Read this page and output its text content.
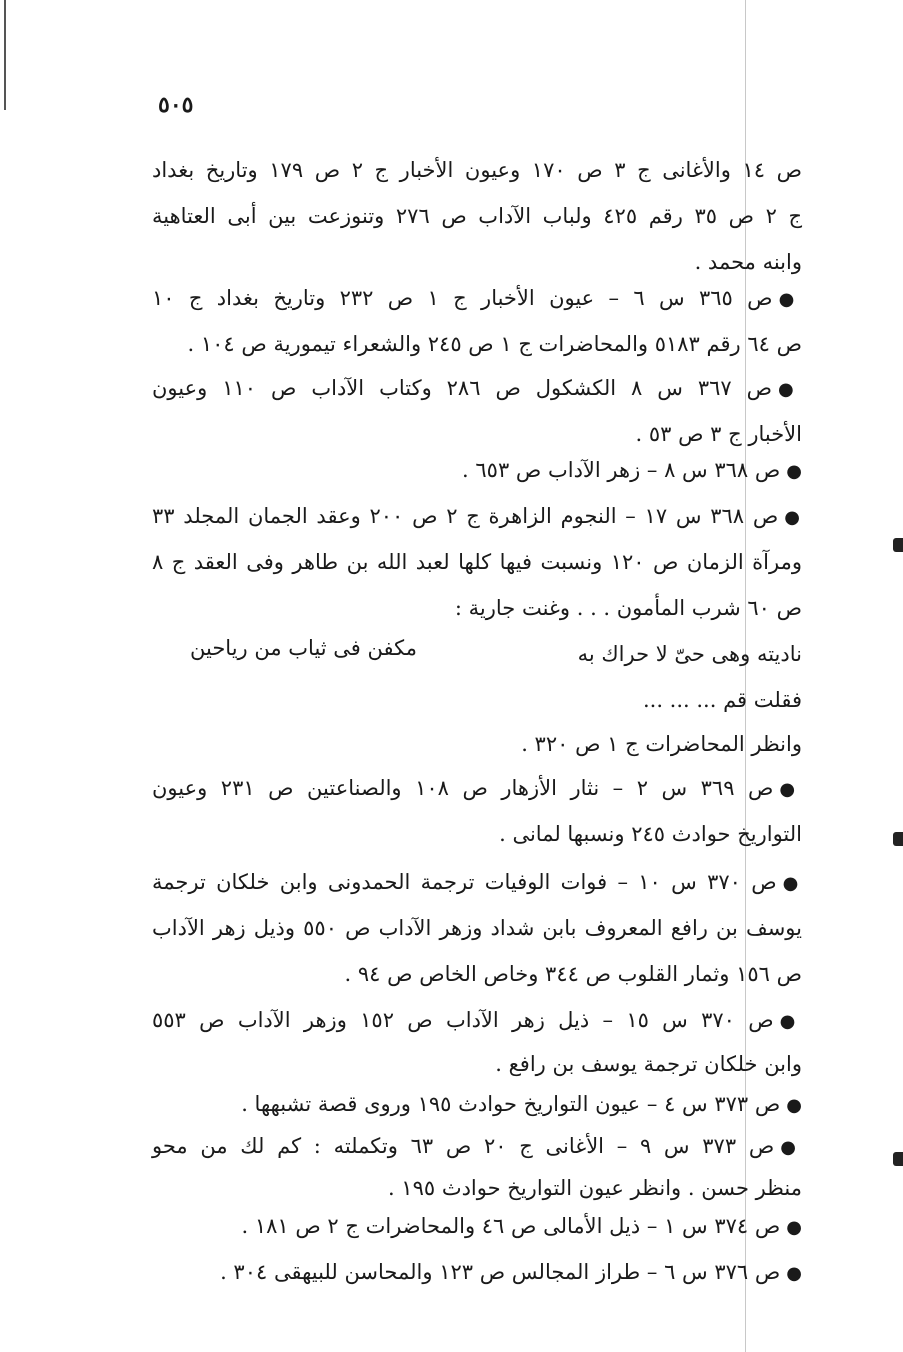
٥٠٥
ص ١٤ والأغانى ج ٣ ص ١٧٠ وعيون الأخبار ج ٢ ص ١٧٩ وتاريخ بغداد
ج ٢ ص ٣٥ رقم ٤٢٥ ولباب الآداب ص ٢٧٦ وتنوزعت بين أبى العتاهية
وابنه محمد .
●ص ٣٦٥ س ٦ – عيون الأخبار ج ١ ص ٢٣٢ وتاريخ بغداد ج ١٠
ص ٦٤ رقم ٥١٨٣ والمحاضرات ج ١ ص ٢٤٥ والشعراء تيمورية ص ١٠٤ .
●ص ٣٦٧ س ٨ الكشكول ص ٢٨٦ وكتاب الآداب ص ١١٠ وعيون
الأخبار ج ٣ ص ٥٣ .
●ص ٣٦٨ س ٨ – زهر الآداب ص ٦٥٣ .
●ص ٣٦٨ س ١٧ – النجوم الزاهرة ج ٢ ص ٢٠٠ وعقد الجمان المجلد ٣٣
ومرآة الزمان ص ١٢٠ ونسبت فيها كلها لعبد الله بن طاهر وفى العقد ج ٨
ص ٦٠ شرب المأمون . . . وغنت جارية :
ناديته وهى حىّ لا حراك به
مكفن فى ثياب من رياحين
فقلت قم ... ... ...
وانظر المحاضرات ج ١ ص ٣٢٠ .
●ص ٣٦٩ س ٢ – نثار الأزهار ص ١٠٨ والصناعتين ص ٢٣١ وعيون
التواريخ حوادث ٢٤٥ ونسبها لمانى .
●ص ٣٧٠ س ١٠ – فوات الوفيات ترجمة الحمدونى وابن خلكان ترجمة
يوسف بن رافع المعروف بابن شداد وزهر الآداب ص ٥٥٠ وذيل زهر الآداب
ص ١٥٦ وثمار القلوب ص ٣٤٤ وخاص الخاص ص ٩٤ .
●ص ٣٧٠ س ١٥ – ذيل زهر الآداب ص ١٥٢ وزهر الآداب ص ٥٥٣
وابن خلكان ترجمة يوسف بن رافع .
●ص ٣٧٣ س ٤ – عيون التواريخ حوادث ١٩٥ وروى قصة تشبهها .
●ص ٣٧٣ س ٩ – الأغانى ج ٢٠ ص ٦٣ وتكملته : كم لك من محو
منظر حسن . وانظر عيون التواريخ حوادث ١٩٥ .
●ص ٣٧٤ س ١ – ذيل الأمالى ص ٤٦ والمحاضرات ج ٢ ص ١٨١ .
●ص ٣٧٦ س ٦ – طراز المجالس ص ١٢٣ والمحاسن للبيهقى ٣٠٤ .
